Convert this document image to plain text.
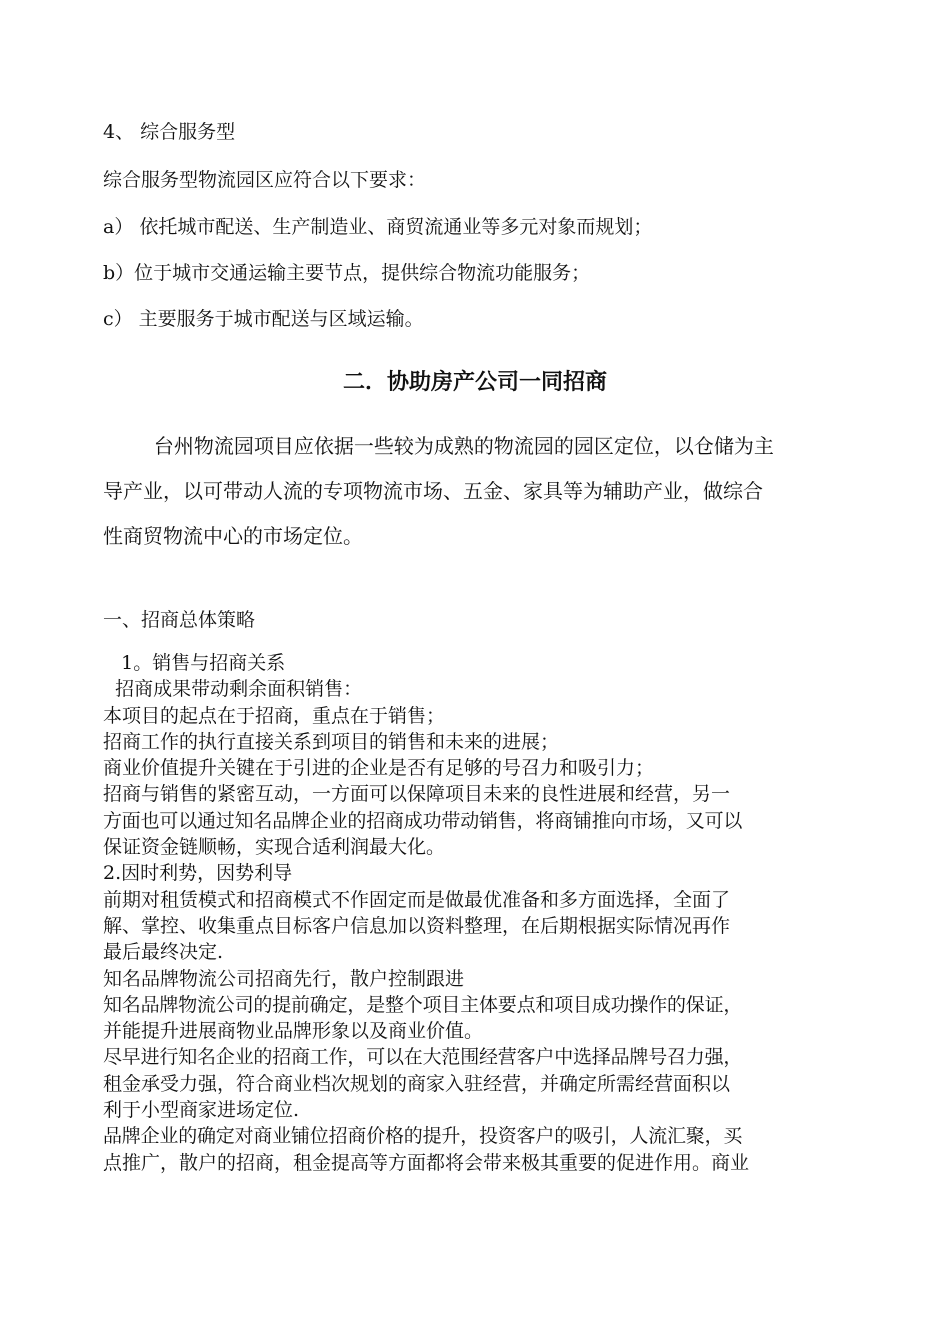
4、 综合服务型
综合服务型物流园区应符合以下要求：
a） 依托城市配送、生产制造业、商贸流通业等多元对象而规划；
b）位于城市交通运输主要节点，提供综合物流功能服务；
c） 主要服务于城市配送与区域运输。
二．协助房产公司一同招商
台州物流园项目应依据一些较为成熟的物流园的园区定位，以仓储为主
导产业，以可带动人流的专项物流市场、五金、家具等为辅助产业，做综合
性商贸物流中心的市场定位。
一、招商总体策略

1。销售与招商关系

招商成果带动剩余面积销售：

本项目的起点在于招商，重点在于销售；

招商工作的执行直接关系到项目的销售和未来的进展；

商业价值提升关键在于引进的企业是否有足够的号召力和吸引力；

招商与销售的紧密互动，一方面可以保障项目未来的良性进展和经营，另一

方面也可以通过知名品牌企业的招商成功带动销售，将商铺推向市场，又可以

保证资金链顺畅，实现合适利润最大化。

2.因时利势，因势利导

前期对租赁模式和招商模式不作固定而是做最优准备和多方面选择，全面了

解、掌控、收集重点目标客户信息加以资料整理，在后期根据实际情况再作

最后最终决定.

知名品牌物流公司招商先行，散户控制跟进

知名品牌物流公司的提前确定，是整个项目主体要点和项目成功操作的保证，

并能提升进展商物业品牌形象以及商业价值。

尽早进行知名企业的招商工作，可以在大范围经营客户中选择品牌号召力强，

租金承受力强，符合商业档次规划的商家入驻经营，并确定所需经营面积以

利于小型商家进场定位.

品牌企业的确定对商业铺位招商价格的提升，投资客户的吸引，人流汇聚，买

点推广，散户的招商，租金提高等方面都将会带来极其重要的促进作用。商业
